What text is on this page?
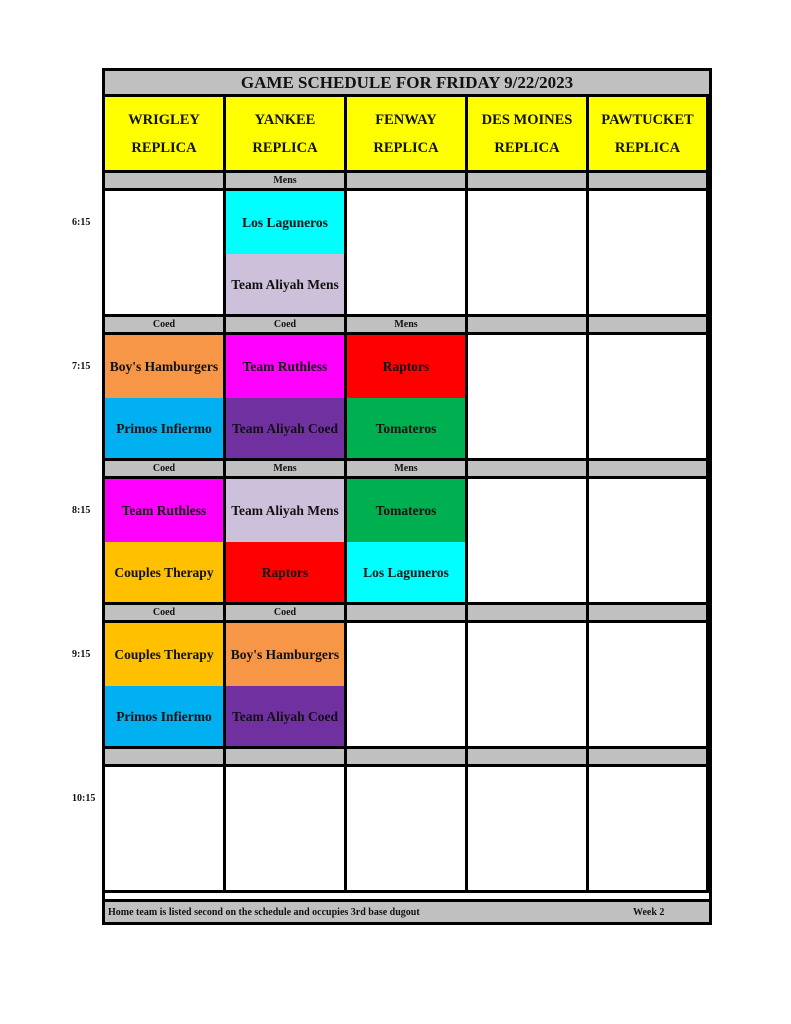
GAME SCHEDULE FOR FRIDAY 9/22/2023
WRIGLEY
REPLICA
YANKEE
REPLICA
FENWAY
REPLICA
DES MOINES
REPLICA
PAWTUCKET
REPLICA
Mens
Los Laguneros
Team Aliyah Mens
Coed
Boy's Hamburgers
Primos Infiermo
Coed
Team Ruthless
Team Aliyah Coed
Mens
Raptors
Tomateros
Coed
Team Ruthless
Couples Therapy
Mens
Team Aliyah Mens
Raptors
Mens
Tomateros
Los Laguneros
Coed
Couples Therapy
Primos Infiermo
Coed
Boy's Hamburgers
Team Aliyah Coed
Home team is listed second on the schedule and occupies 3rd base dugout	Week 2
6:15
7:15
8:15
9:15
10:15
